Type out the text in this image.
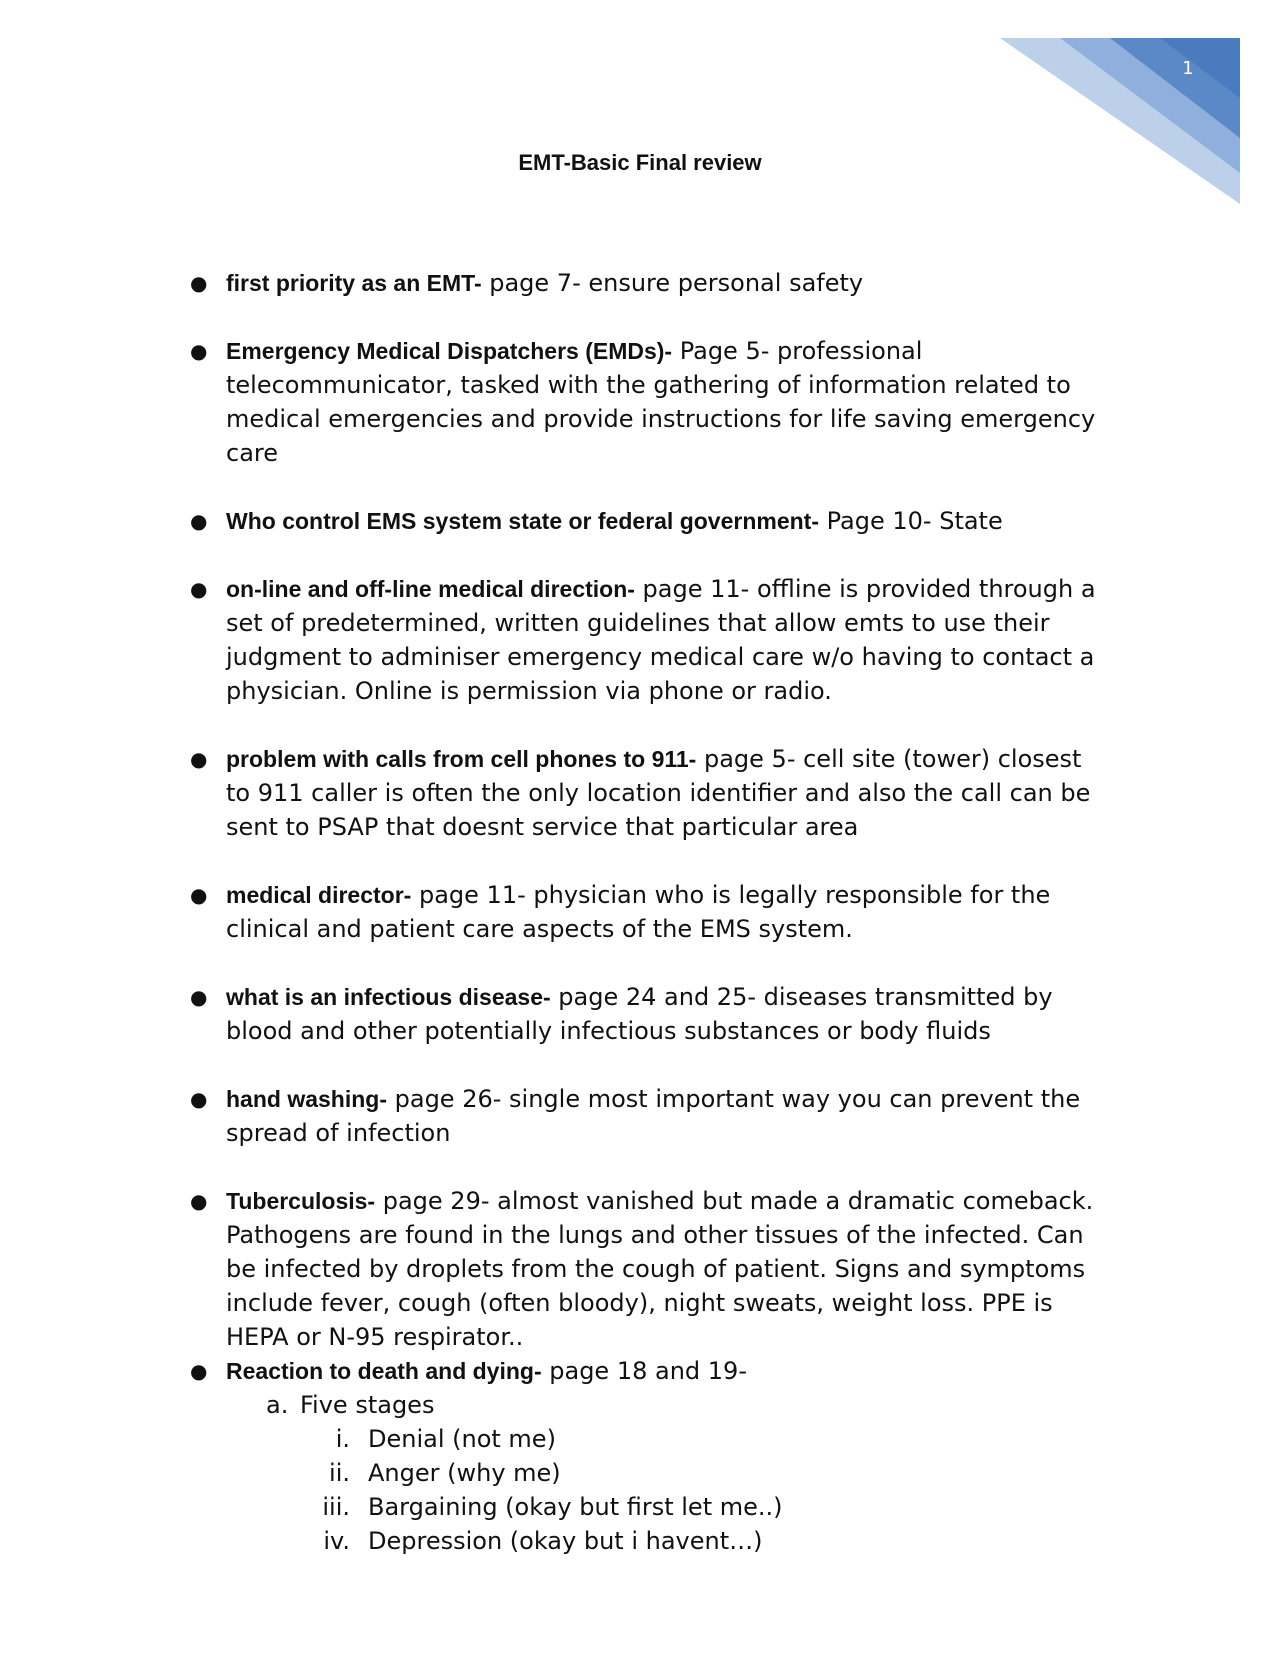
1
EMT-Basic Final review
● first priority as an EMT- page 7- ensure personal safety
● Emergency Medical Dispatchers (EMDs)- Page 5- professional telecommunicator, tasked with the gathering of information related to medical emergencies and provide instructions for life saving emergency care
● Who control EMS system state or federal government- Page 10- State
● on-line and off-line medical direction- page 11- offline is provided through a set of predetermined, written guidelines that allow emts to use their judgment to adminiser emergency medical care w/o having to contact a physician. Online is permission via phone or radio.
● problem with calls from cell phones to 911- page 5- cell site (tower) closest to 911 caller is often the only location identifier and also the call can be sent to PSAP that doesnt service that particular area
● medical director- page 11- physician who is legally responsible for the clinical and patient care aspects of the EMS system.
● what is an infectious disease- page 24 and 25- diseases transmitted by blood and other potentially infectious substances or body fluids
● hand washing- page 26- single most important way you can prevent the spread of infection
● Tuberculosis- page 29- almost vanished but made a dramatic comeback. Pathogens are found in the lungs and other tissues of the infected. Can be infected by droplets from the cough of patient. Signs and symptoms include fever, cough (often bloody), night sweats, weight loss. PPE is HEPA or N-95 respirator..
● Reaction to death and dying- page 18 and 19-
a. Five stages
i. Denial (not me)
ii. Anger (why me)
iii. Bargaining (okay but first let me..)
iv. Depression (okay but i havent…)
